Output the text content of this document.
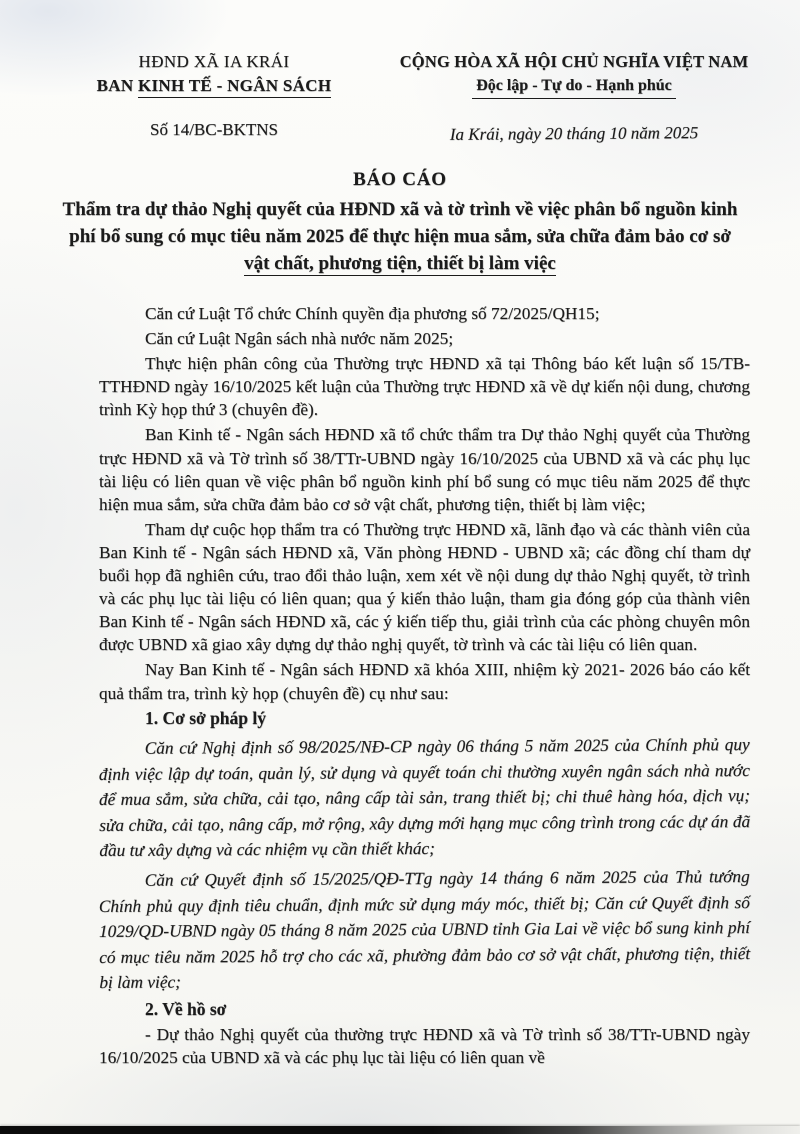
HĐND XÃ IA KRÁI
BAN KINH TẾ - NGÂN SÁCH
Số 14/BC-BKTNS
CỘNG HÒA XÃ HỘI CHỦ NGHĨA VIỆT NAM
Độc lập - Tự do - Hạnh phúc
Ia Krái, ngày 20 tháng 10 năm 2025
BÁO CÁO
Thẩm tra dự thảo Nghị quyết của HĐND xã và tờ trình về việc phân bổ nguồn kinh phí bổ sung có mục tiêu năm 2025 để thực hiện mua sắm, sửa chữa đảm bảo cơ sở vật chất, phương tiện, thiết bị làm việc

Căn cứ Luật Tổ chức Chính quyền địa phương số 72/2025/QH15;

Căn cứ Luật Ngân sách nhà nước năm 2025;

Thực hiện phân công của Thường trực HĐND xã tại Thông báo kết luận số 15/TB-TTHĐND ngày 16/10/2025 kết luận của Thường trực HĐND xã về dự kiến nội dung, chương trình Kỳ họp thứ 3 (chuyên đề).

Ban Kinh tế - Ngân sách HĐND xã tổ chức thẩm tra Dự thảo Nghị quyết của Thường trực HĐND xã và Tờ trình số 38/TTr-UBND ngày 16/10/2025 của UBND xã và các phụ lục tài liệu có liên quan về việc phân bổ nguồn kinh phí bổ sung có mục tiêu năm 2025 để thực hiện mua sắm, sửa chữa đảm bảo cơ sở vật chất, phương tiện, thiết bị làm việc;

Tham dự cuộc họp thẩm tra có Thường trực HĐND xã, lãnh đạo và các thành viên của Ban Kinh tế - Ngân sách HĐND xã, Văn phòng HĐND - UBND xã; các đồng chí tham dự buổi họp đã nghiên cứu, trao đổi thảo luận, xem xét về nội dung dự thảo Nghị quyết, tờ trình và các phụ lục tài liệu có liên quan; qua ý kiến thảo luận, tham gia đóng góp của thành viên Ban Kinh tế - Ngân sách HĐND xã, các ý kiến tiếp thu, giải trình của các phòng chuyên môn được UBND xã giao xây dựng dự thảo nghị quyết, tờ trình và các tài liệu có liên quan.

Nay Ban Kinh tế - Ngân sách HĐND xã khóa XIII, nhiệm kỳ 2021- 2026 báo cáo kết quả thẩm tra, trình kỳ họp (chuyên đề) cụ như sau:

1. Cơ sở pháp lý

Căn cứ Nghị định số 98/2025/NĐ-CP ngày 06 tháng 5 năm 2025 của Chính phủ quy định việc lập dự toán, quản lý, sử dụng và quyết toán chi thường xuyên ngân sách nhà nước để mua sắm, sửa chữa, cải tạo, nâng cấp tài sản, trang thiết bị; chi thuê hàng hóa, dịch vụ; sửa chữa, cải tạo, nâng cấp, mở rộng, xây dựng mới hạng mục công trình trong các dự án đã đầu tư xây dựng và các nhiệm vụ cần thiết khác;

Căn cứ Quyết định số 15/2025/QĐ-TTg ngày 14 tháng 6 năm 2025 của Thủ tướng Chính phủ quy định tiêu chuẩn, định mức sử dụng máy móc, thiết bị; Căn cứ Quyết định số 1029/QD-UBND ngày 05 tháng 8 năm 2025 của UBND tỉnh Gia Lai về việc bổ sung kinh phí có mục tiêu năm 2025 hỗ trợ cho các xã, phường đảm bảo cơ sở vật chất, phương tiện, thiết bị làm việc;

2. Về hồ sơ

- Dự thảo Nghị quyết của thường trực HĐND xã và Tờ trình số 38/TTr-UBND ngày 16/10/2025 của UBND xã và các phụ lục tài liệu có liên quan về
